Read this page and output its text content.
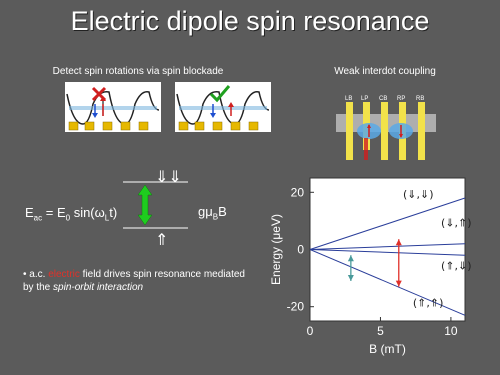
Electric dipole spin resonance
Detect spin rotations via spin blockade	Weak interdot coupling
LB LP CB RP RB
$E_{ac} = E_0$ $\sin(\omega_Lt)$
⇓⇓
⇑
$g\mu_BB$
• a.c. electric field drives spin resonance mediated by the spin-orbit interaction
0	5	10
20
0
-20
(⇓,⇓)
(⇓,⇑)
(⇑,⇓)
(⇑,⇑)
B (mT)
Energy (μeV)
